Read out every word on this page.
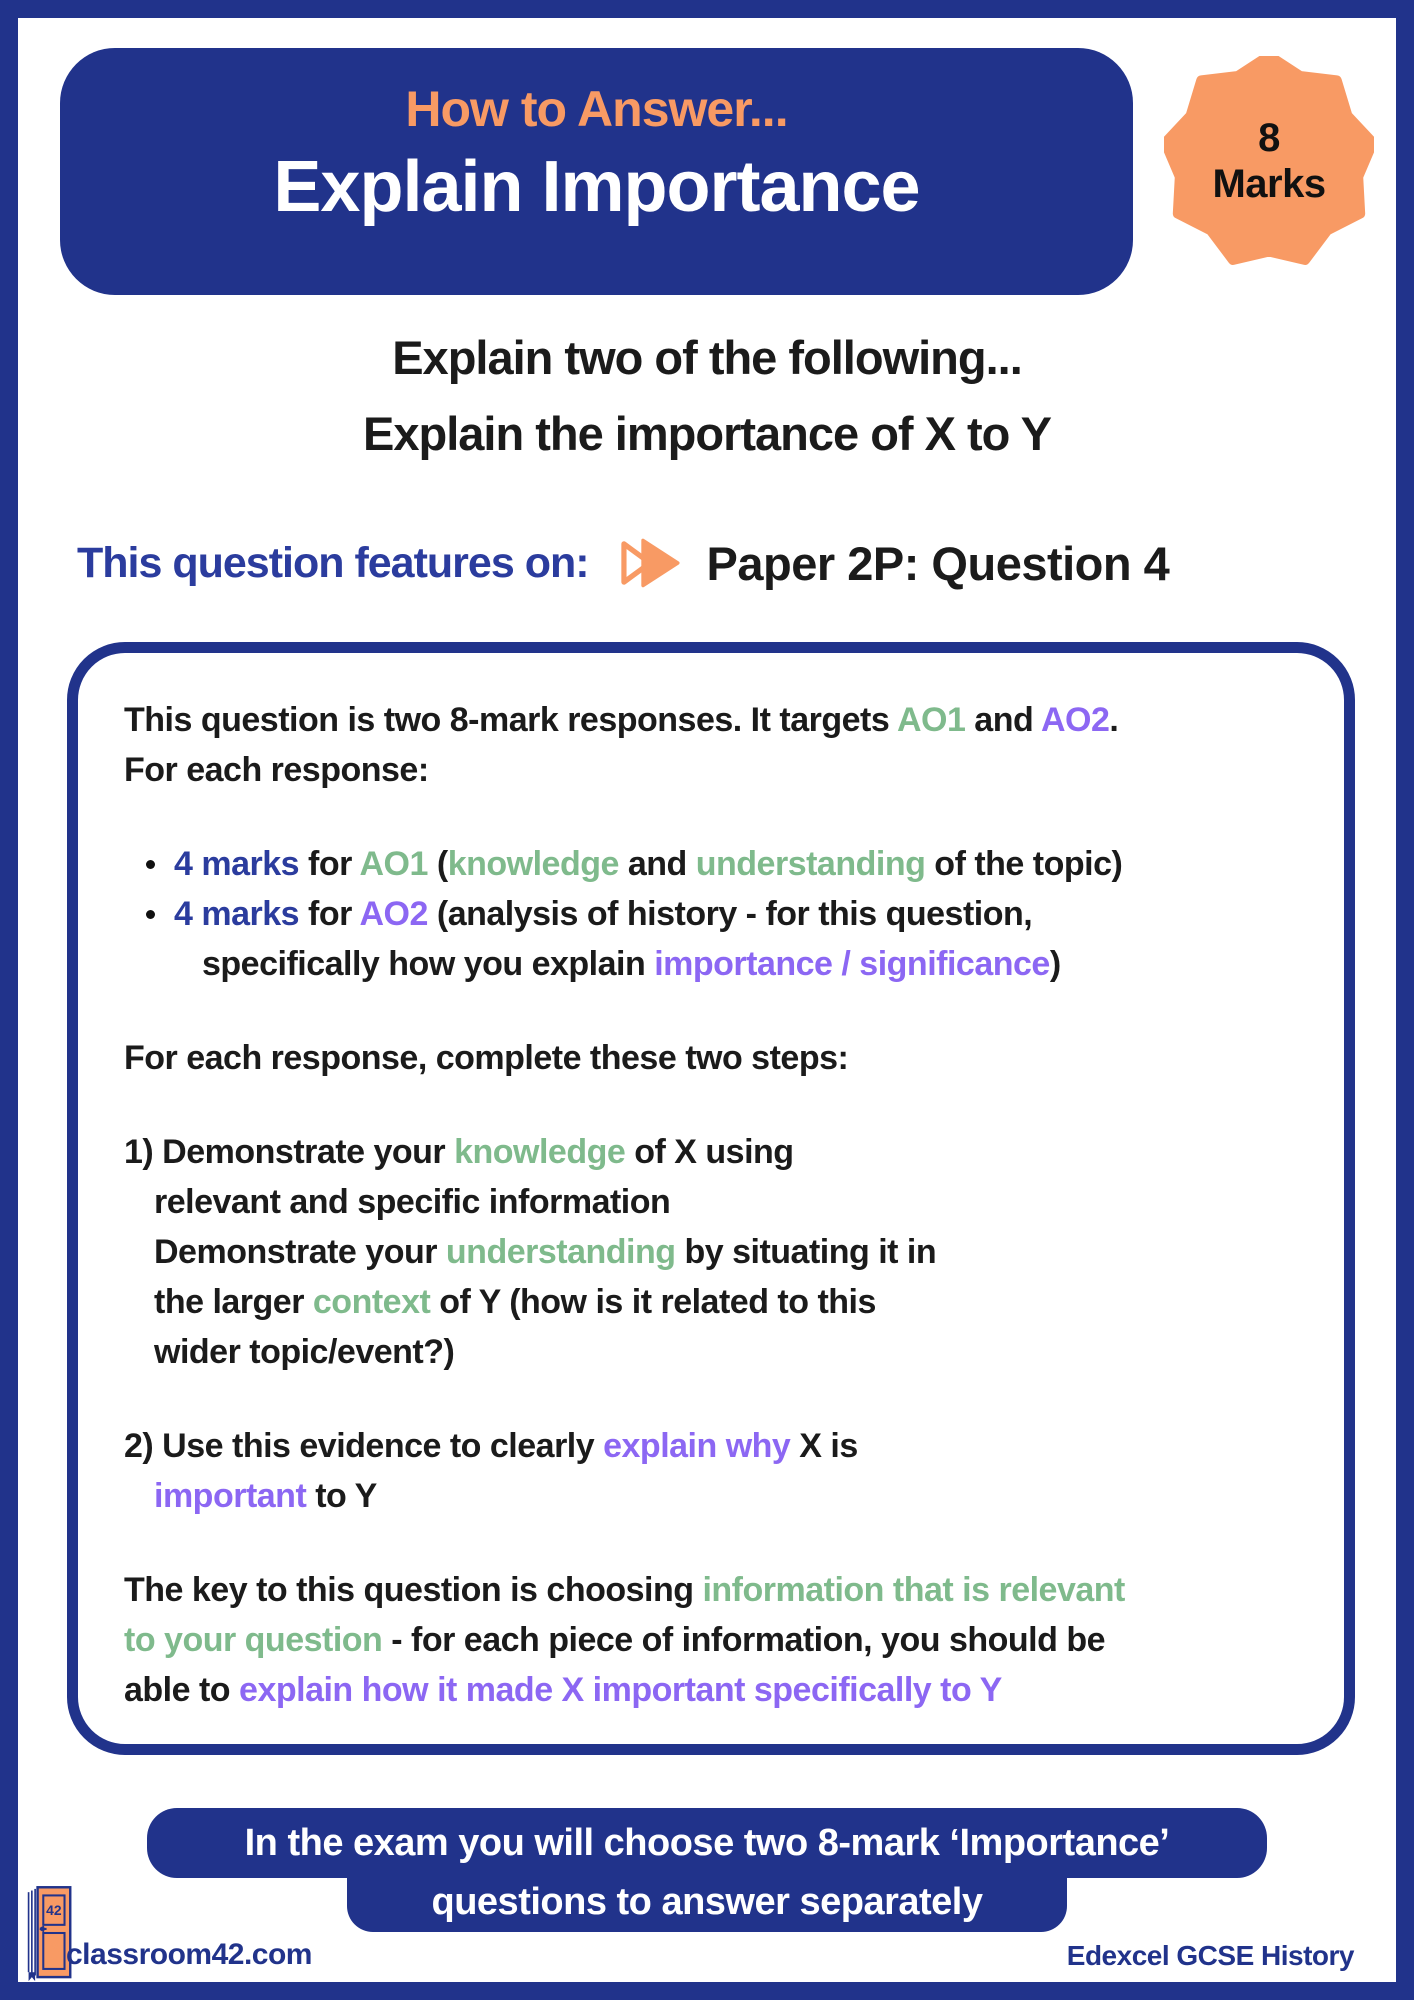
How to Answer...
Explain Importance
8
Marks
Explain two of the following...
Explain the importance of X to Y
This question features on:	Paper 2P: Question 4
This question is two 8-mark responses. It targets AO1 and AO2.
For each response:
4 marks for AO1 (knowledge and understanding of the topic)
4 marks for AO2 (analysis of history - for this question,
specifically how you explain importance / significance)
For each response, complete these two steps:
1) Demonstrate your knowledge of X using
relevant and specific information
Demonstrate your understanding by situating it in
the larger context of Y (how is it related to this
wider topic/event?)
2) Use this evidence to clearly explain why X is
important to Y
The key to this question is choosing information that is relevant
to your question - for each piece of information, you should be
able to explain how it made X important specifically to Y
In the exam you will choose two 8-mark ‘Importance’
questions to answer separately
42
classroom42.com	Edexcel GCSE History
